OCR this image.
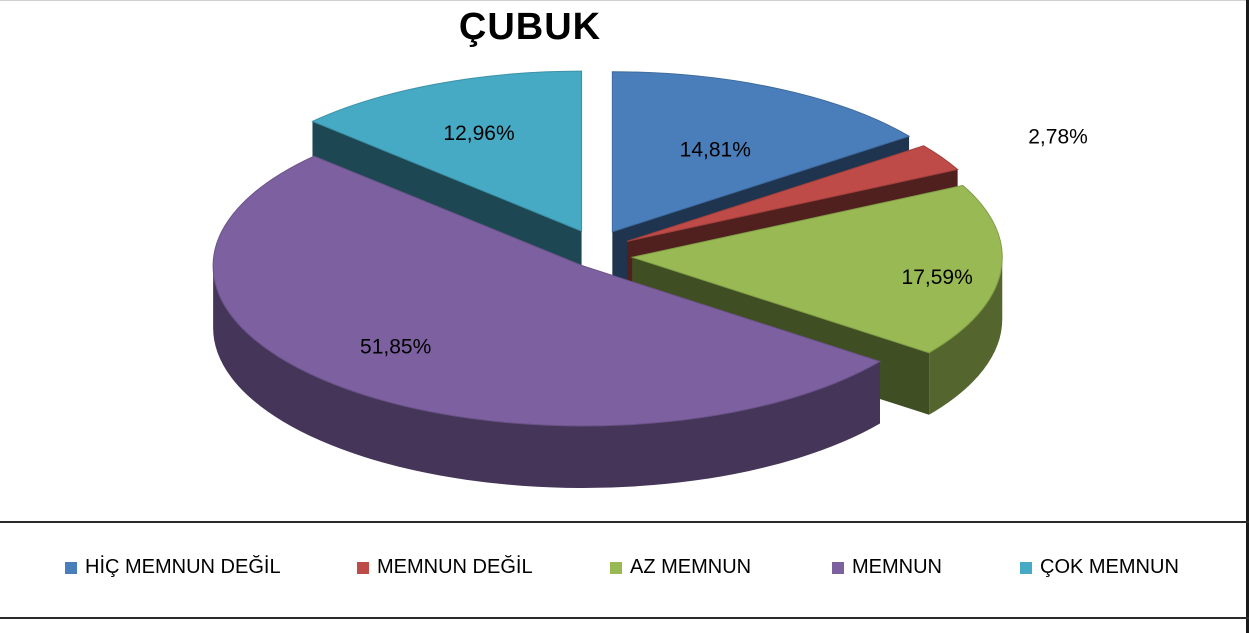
ÇUBUK
14,81%
2,78%
17,59%
51,85%
12,96%
HİÇ MEMNUN DEĞİL	MEMNUN DEĞİL	AZ MEMNUN	MEMNUN	ÇOK MEMNUN
